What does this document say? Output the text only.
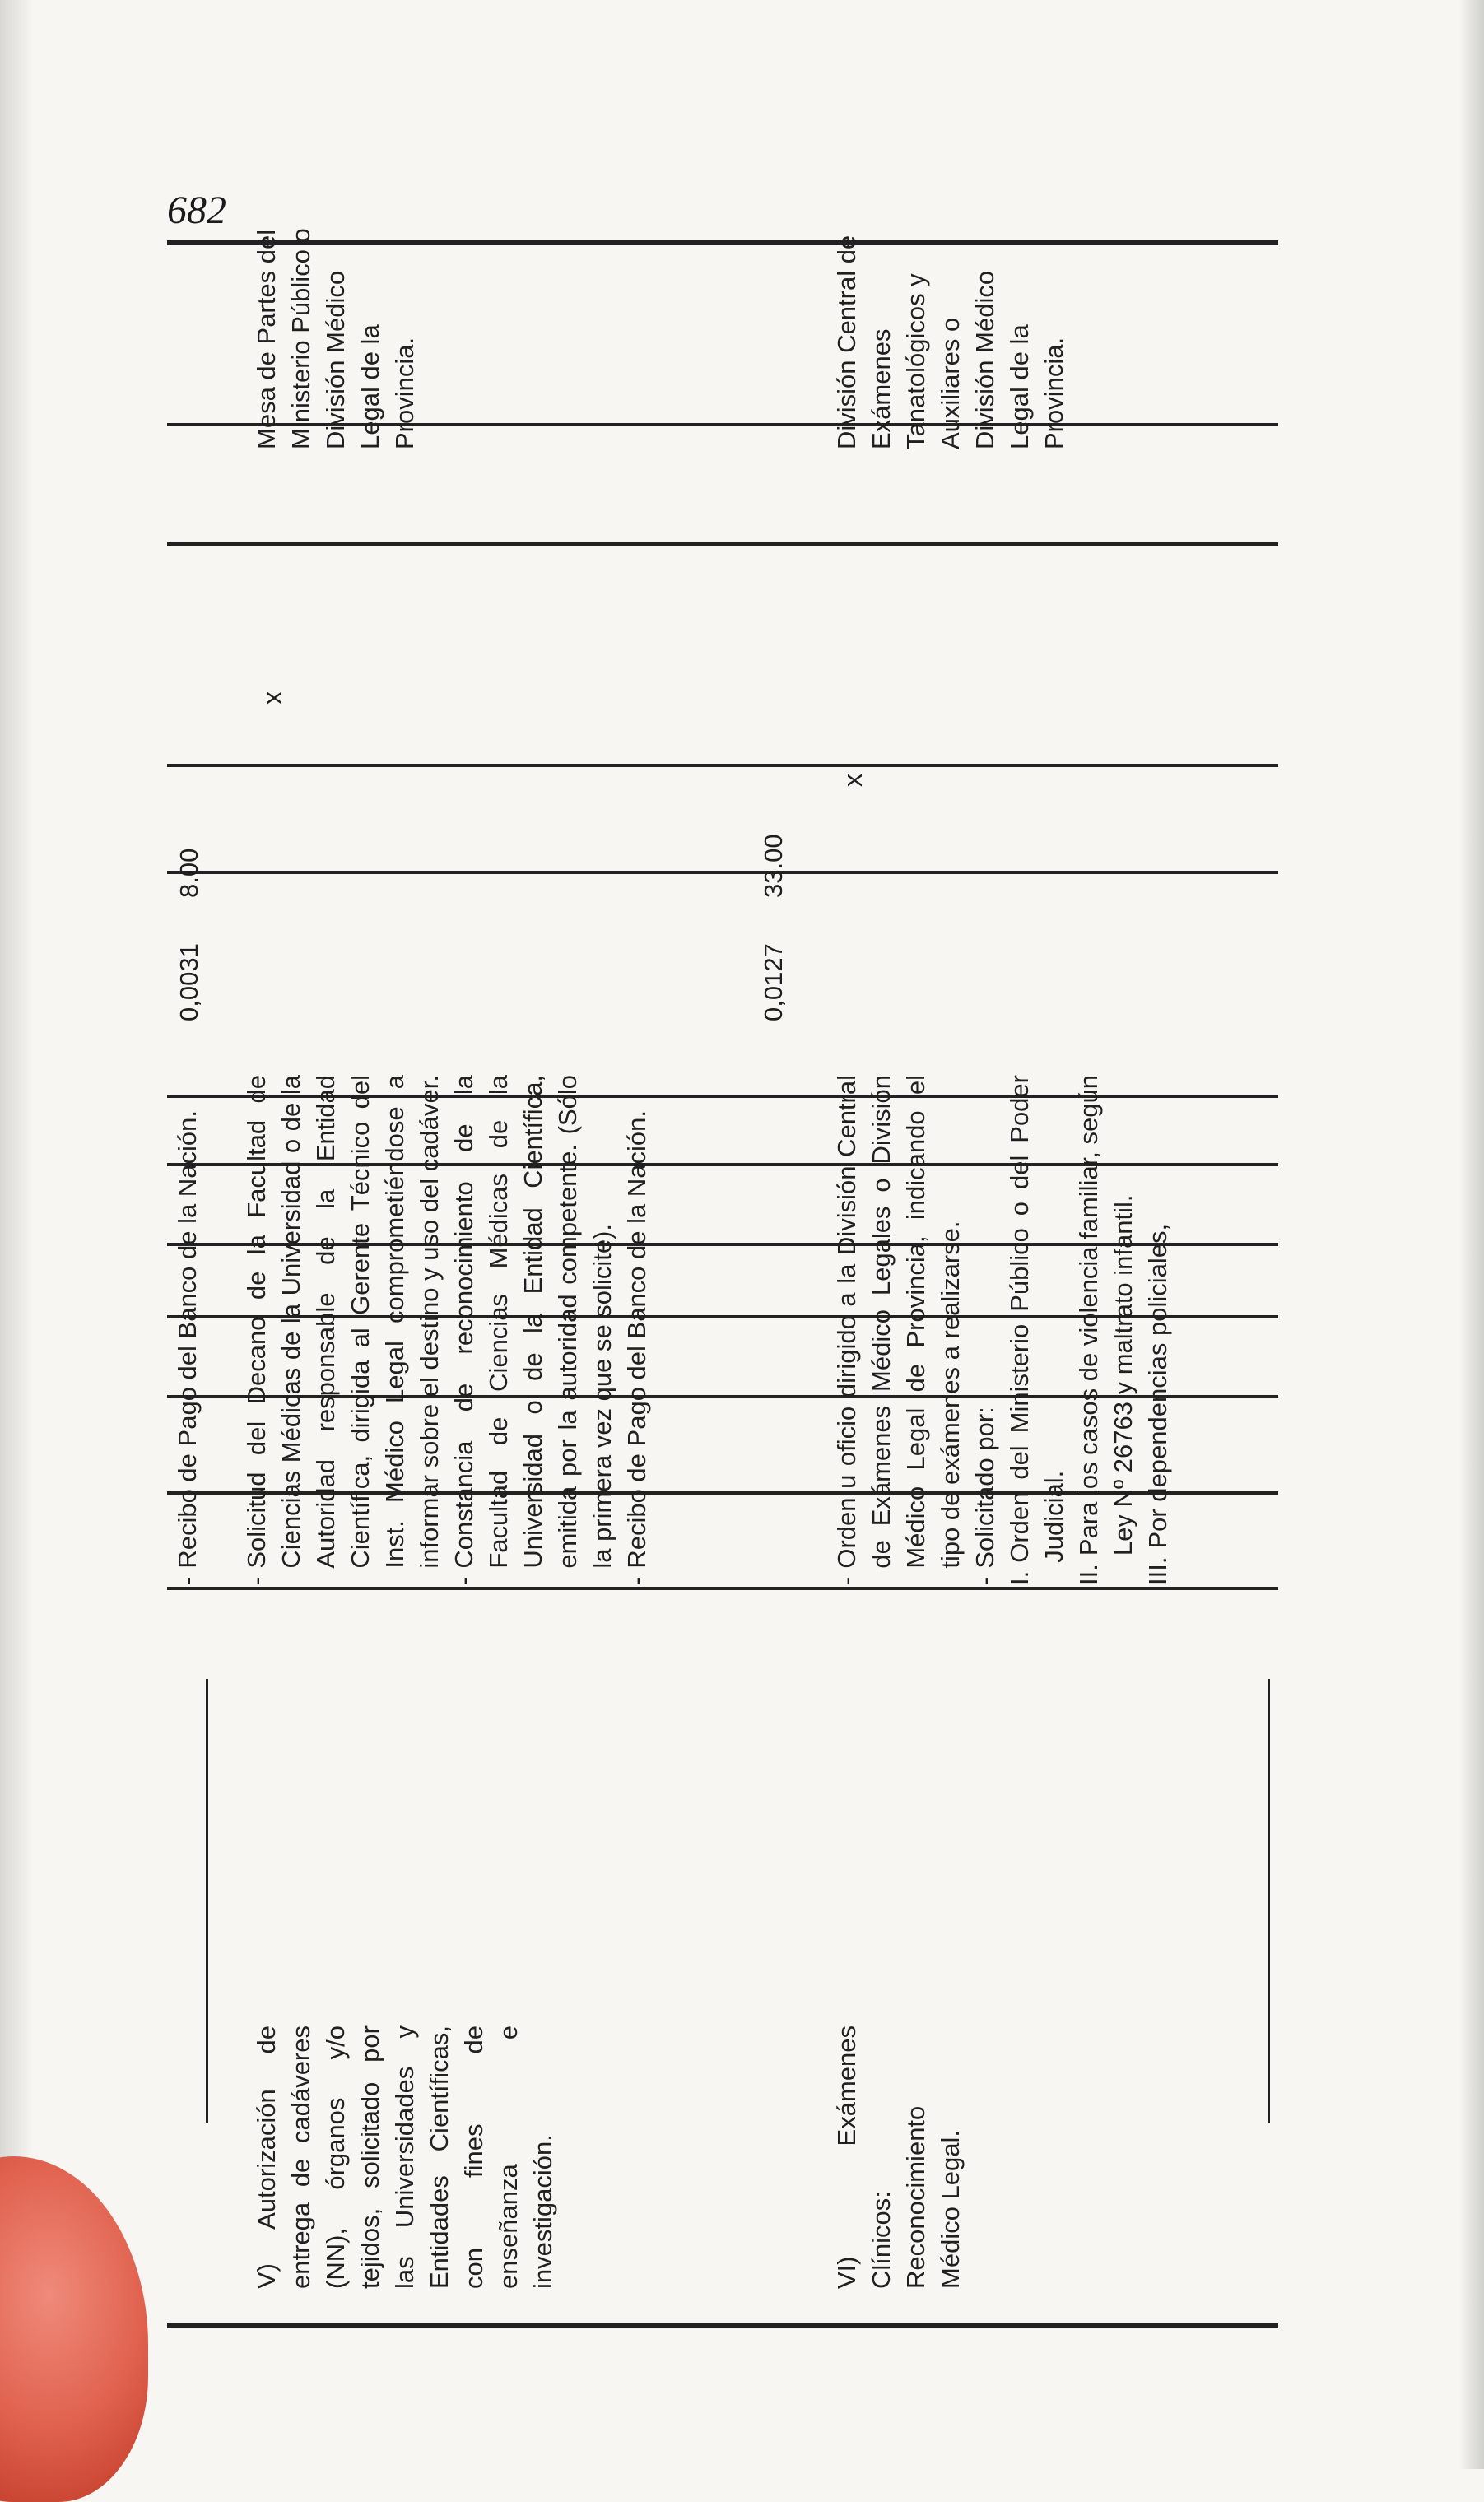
682
-
Recibo de Pago del Banco de la Nación.
0,0031
8.00
V) Autorización de entrega de cadáveres (NN), órganos y/o tejidos, solicitado por las Universidades y Entidades Científicas, con fines de enseñanza e investigación.
-
Solicitud del Decano de la Facultad de Ciencias Médicas de la Universidad o de la Autoridad responsable de la Entidad Científica, dirigida al Gerente Técnico del Inst. Médico Legal comprometiéndose a informar sobre el destino y uso del cadáver.
-
Constancia de reconocimiento de la Facultad de Ciencias Médicas de la Universidad o de la Entidad Científica, emitida por la autoridad competente. (Sólo la primera vez que se solicite).
-
Recibo de Pago del Banco de la Nación.
0,0127
33.00
x
Mesa de Partes del Ministerio Público o División Médico Legal de la Provincia.
VI) Exámenes Clínicos: Reconocimiento Médico Legal.
-
Orden u oficio dirigido a la División Central de Exámenes Médico Legales o División Médico Legal de Provincia, indicando el tipo de exámenes a realizarse.
-
Solicitado por:
I.
Orden del Ministerio Público o del Poder Judicial.
II.
Para los casos de violencia familiar, según Ley Nº 26763 y maltrato infantil.
III.
Por dependencias policiales,
x
División Central de Exámenes Tanatológicos y Auxiliares o División Médico Legal de la Provincia.
